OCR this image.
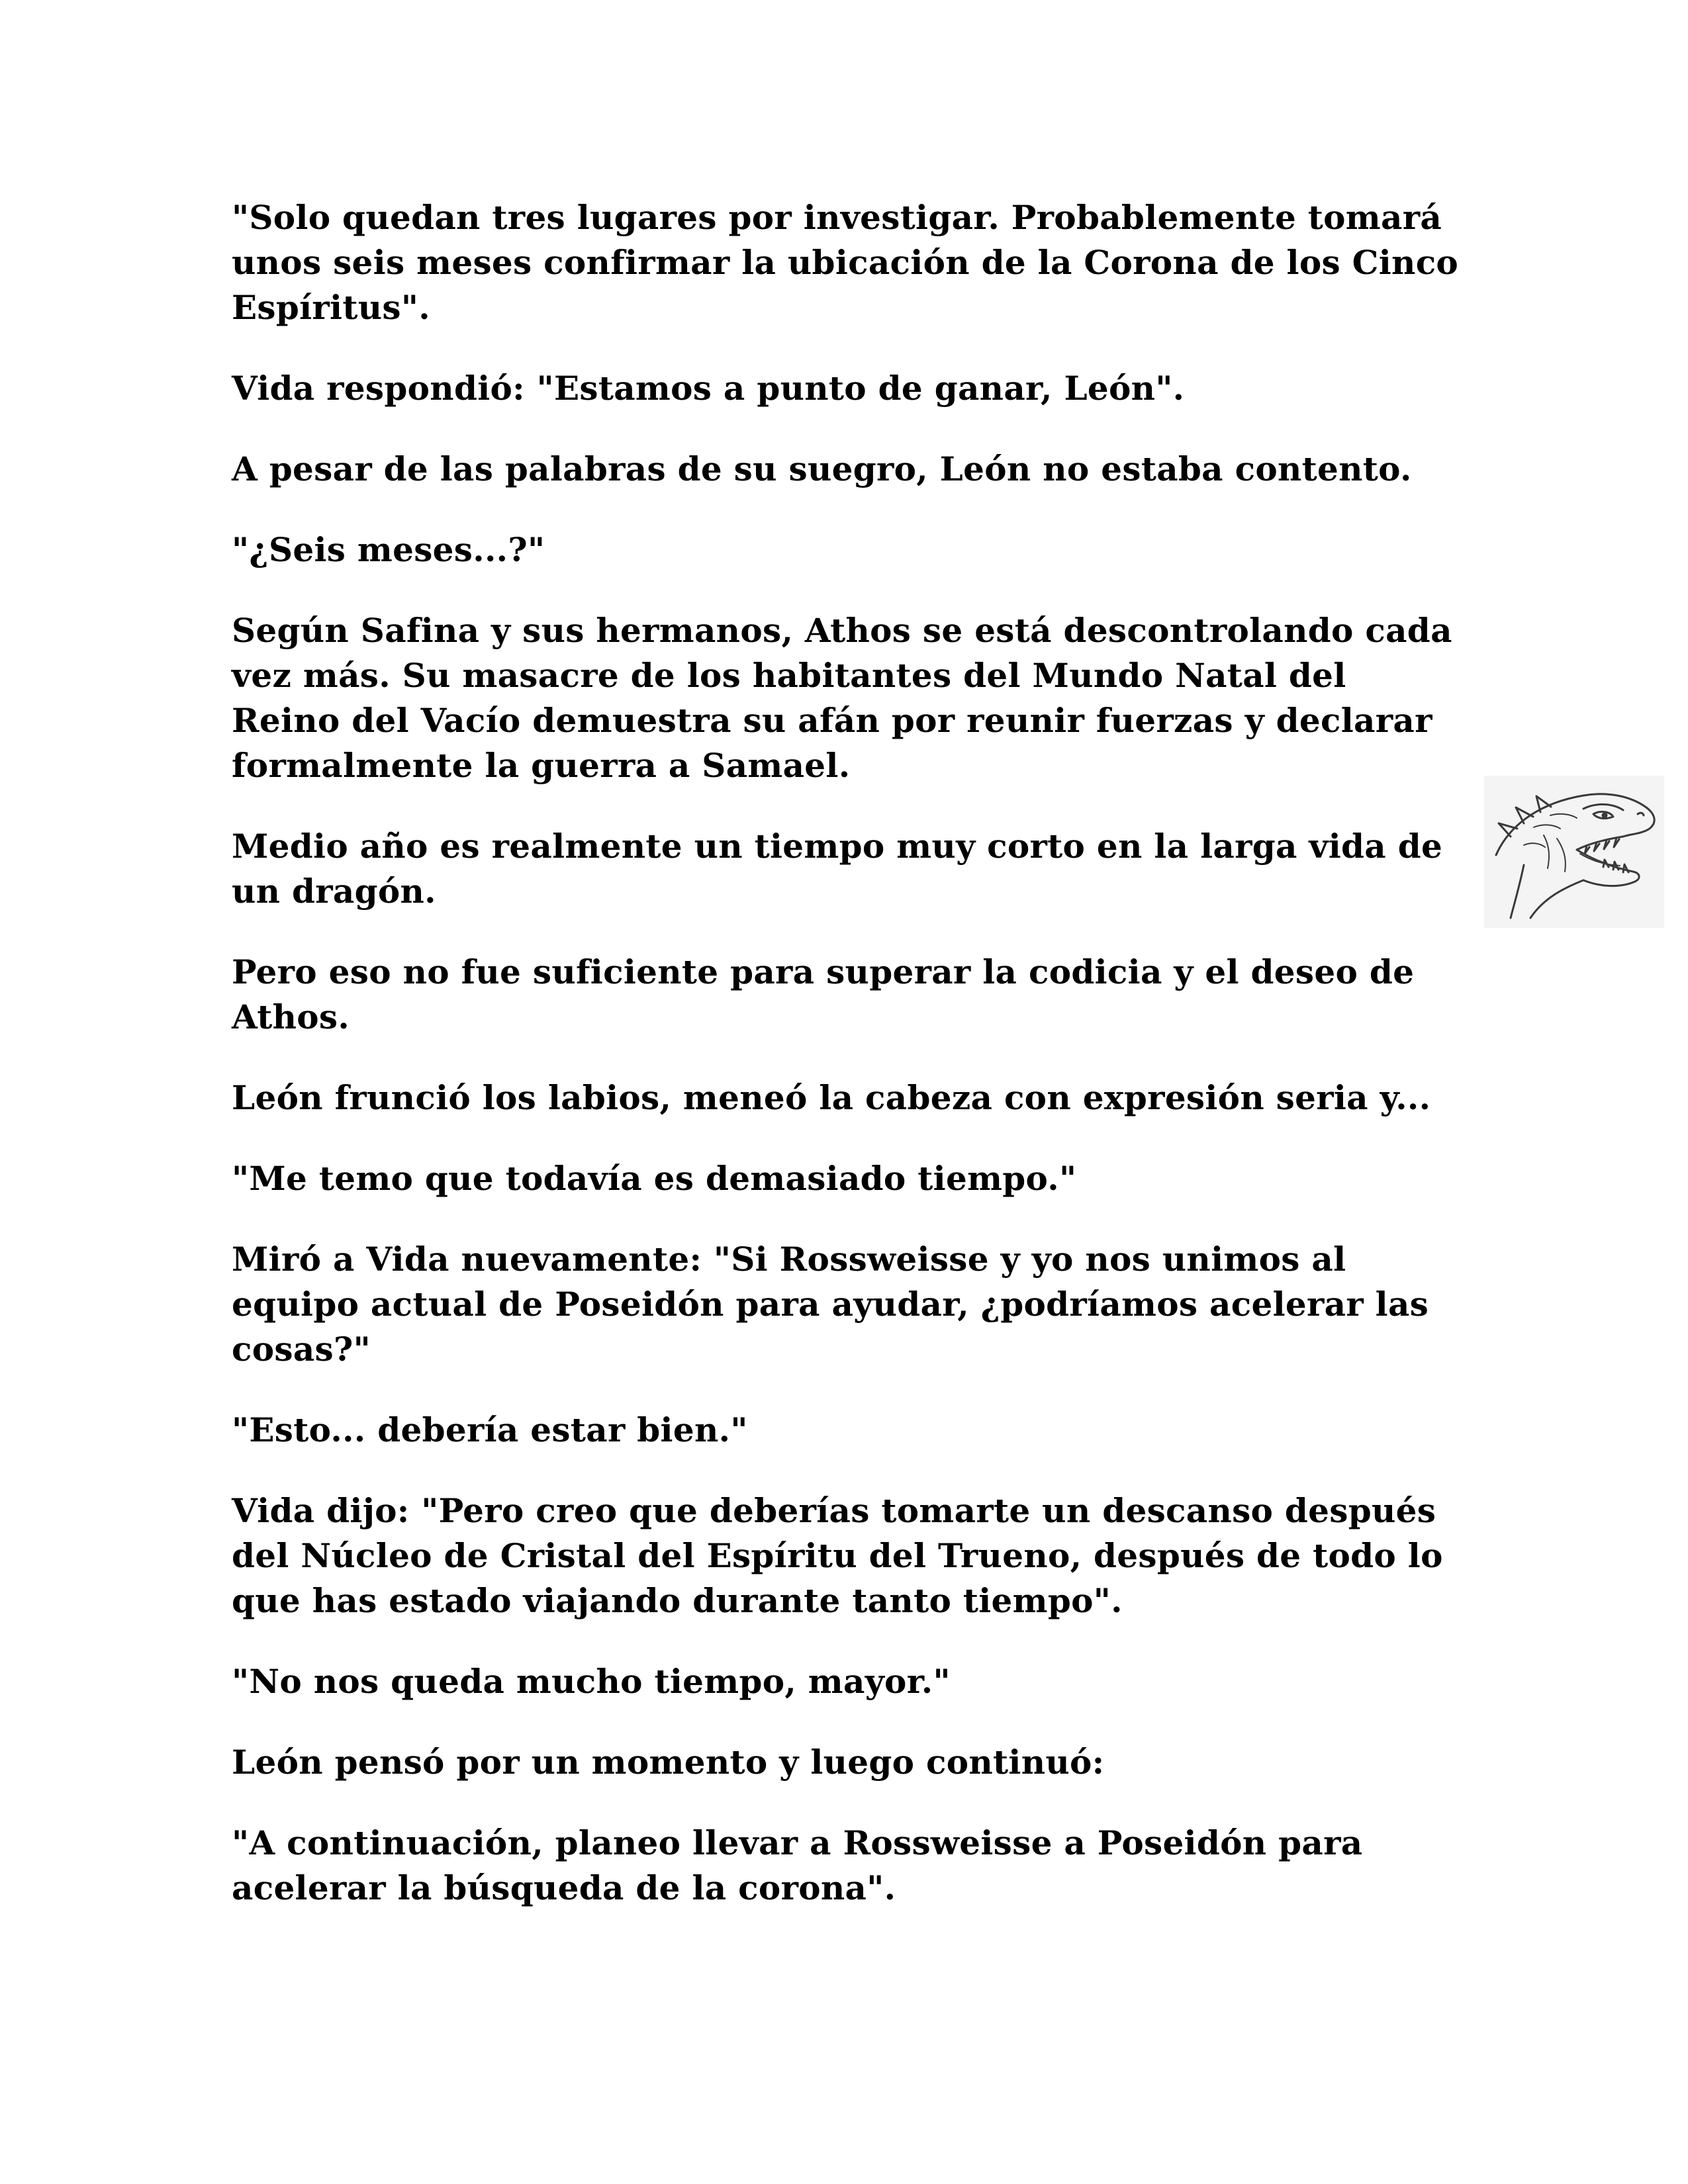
"Solo quedan tres lugares por investigar. Probablemente tomará unos seis meses confirmar la ubicación de la Corona de los Cinco Espíritus".

Vida respondió: "Estamos a punto de ganar, León".

A pesar de las palabras de su suegro, León no estaba contento.

"¿Seis meses...?"

Según Safina y sus hermanos, Athos se está descontrolando cada vez más. Su masacre de los habitantes del Mundo Natal del Reino del Vacío demuestra su afán por reunir fuerzas y declarar formalmente la guerra a Samael.

Medio año es realmente un tiempo muy corto en la larga vida de un dragón.

Pero eso no fue suficiente para superar la codicia y el deseo de Athos.

León frunció los labios, meneó la cabeza con expresión seria y...

"Me temo que todavía es demasiado tiempo."

Miró a Vida nuevamente: "Si Rossweisse y yo nos unimos al equipo actual de Poseidón para ayudar, ¿podríamos acelerar las cosas?"

"Esto... debería estar bien."

Vida dijo: "Pero creo que deberías tomarte un descanso después del Núcleo de Cristal del Espíritu del Trueno, después de todo lo que has estado viajando durante tanto tiempo".

"No nos queda mucho tiempo, mayor."

León pensó por un momento y luego continuó:

"A continuación, planeo llevar a Rossweisse a Poseidón para acelerar la búsqueda de la corona".
